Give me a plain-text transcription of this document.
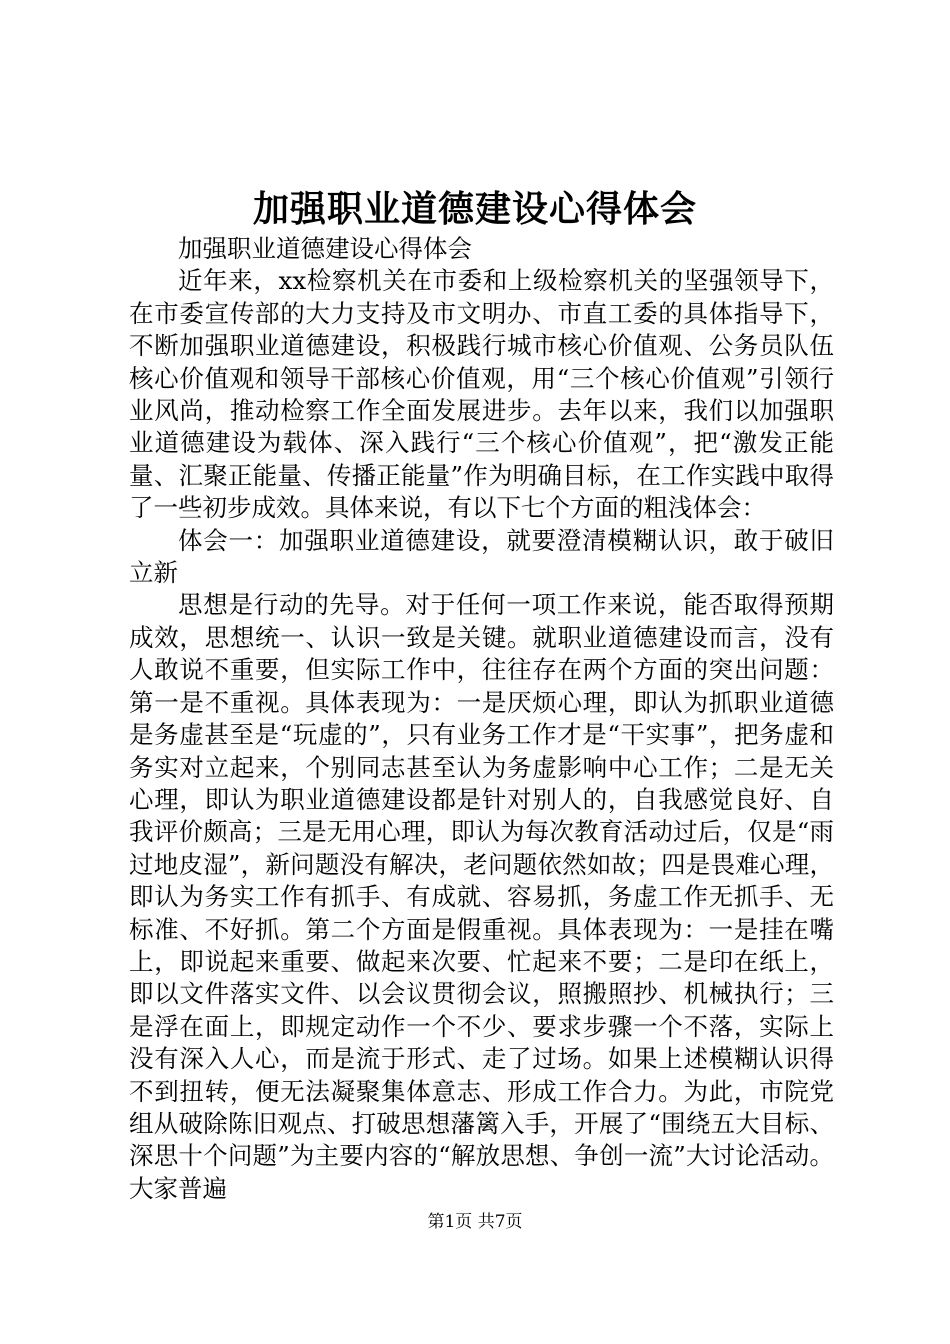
加强职业道德建设心得体会

加强职业道德建设心得体会

近年来，xx检察机关在市委和上级检察机关的坚强领导下，在市委宣传部的大力支持及市文明办、市直工委的具体指导下，不断加强职业道德建设，积极践行城市核心价值观、公务员队伍核心价值观和领导干部核心价值观，用“三个核心价值观”引领行业风尚，推动检察工作全面发展进步。去年以来，我们以加强职业道德建设为载体、深入践行“三个核心价值观”，把“激发正能量、汇聚正能量、传播正能量”作为明确目标，在工作实践中取得了一些初步成效。具体来说，有以下七个方面的粗浅体会：

体会一：加强职业道德建设，就要澄清模糊认识，敢于破旧立新

思想是行动的先导。对于任何一项工作来说，能否取得预期成效，思想统一、认识一致是关键。就职业道德建设而言，没有人敢说不重要，但实际工作中，往往存在两个方面的突出问题：第一是不重视。具体表现为：一是厌烦心理，即认为抓职业道德是务虚甚至是“玩虚的”，只有业务工作才是“干实事”，把务虚和务实对立起来，个别同志甚至认为务虚影响中心工作；二是无关心理，即认为职业道德建设都是针对别人的，自我感觉良好、自我评价颇高；三是无用心理，即认为每次教育活动过后，仅是“雨过地皮湿”，新问题没有解决，老问题依然如故；四是畏难心理，即认为务实工作有抓手、有成就、容易抓，务虚工作无抓手、无标准、不好抓。第二个方面是假重视。具体表现为：一是挂在嘴上，即说起来重要、做起来次要、忙起来不要；二是印在纸上，即以文件落实文件、以会议贯彻会议，照搬照抄、机械执行；三是浮在面上，即规定动作一个不少、要求步骤一个不落，实际上没有深入人心，而是流于形式、走了过场。如果上述模糊认识得不到扭转，便无法凝聚集体意志、形成工作合力。为此，市院党组从破除陈旧观点、打破思想藩篱入手，开展了“围绕五大目标、深思十个问题”为主要内容的“解放思想、争创一流”大讨论活动。大家普遍

第1页 共7页
